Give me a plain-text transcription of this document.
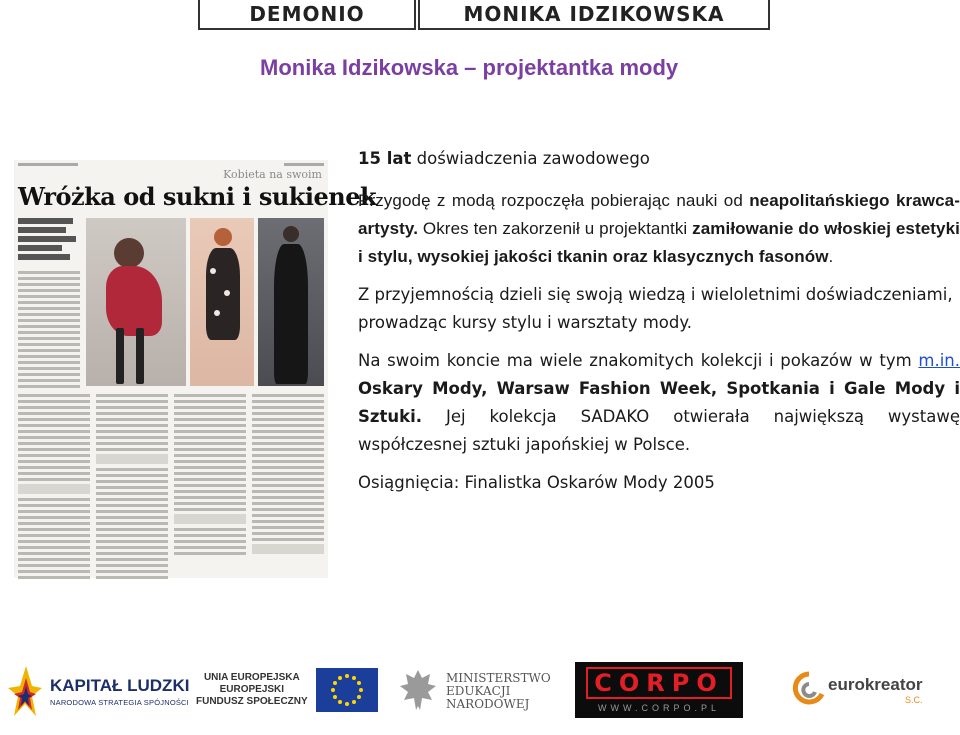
DEMONIO	MONIKA IDZIKOWSKA
Monika Idzikowska – projektantka mody
Kobieta na swoim
Wróżka od sukni i sukienek
15 lat doświadczenia zawodowego
Przygodę z modą rozpoczęła pobierając nauki od neapolitańskiego krawca-artysty. Okres ten zakorzenił u projektantki zamiłowanie do włoskiej estetyki i stylu, wysokiej jakości tkanin oraz klasycznych fasonów.
Z przyjemnością dzieli się swoją wiedzą i wieloletnimi doświadczeniami, prowadząc kursy stylu i warsztaty mody.
Na swoim koncie ma wiele znakomitych kolekcji i pokazów w tym m.in. Oskary Mody, Warsaw Fashion Week, Spotkania i Gale Mody i Sztuki. Jej kolekcja SADAKO otwierała największą wystawę współczesnej sztuki japońskiej w Polsce.
Osiągnięcia: Finalistka Oskarów Mody 2005
KAPITAŁ LUDZKI
NARODOWA STRATEGIA SPÓJNOŚCI
UNIA EUROPEJSKA
EUROPEJSKI
FUNDUSZ SPOŁECZNY
MINISTERSTWO
EDUKACJI
NARODOWEJ
CORPO
WWW.CORPO.PL
eurokreator
S.C.
